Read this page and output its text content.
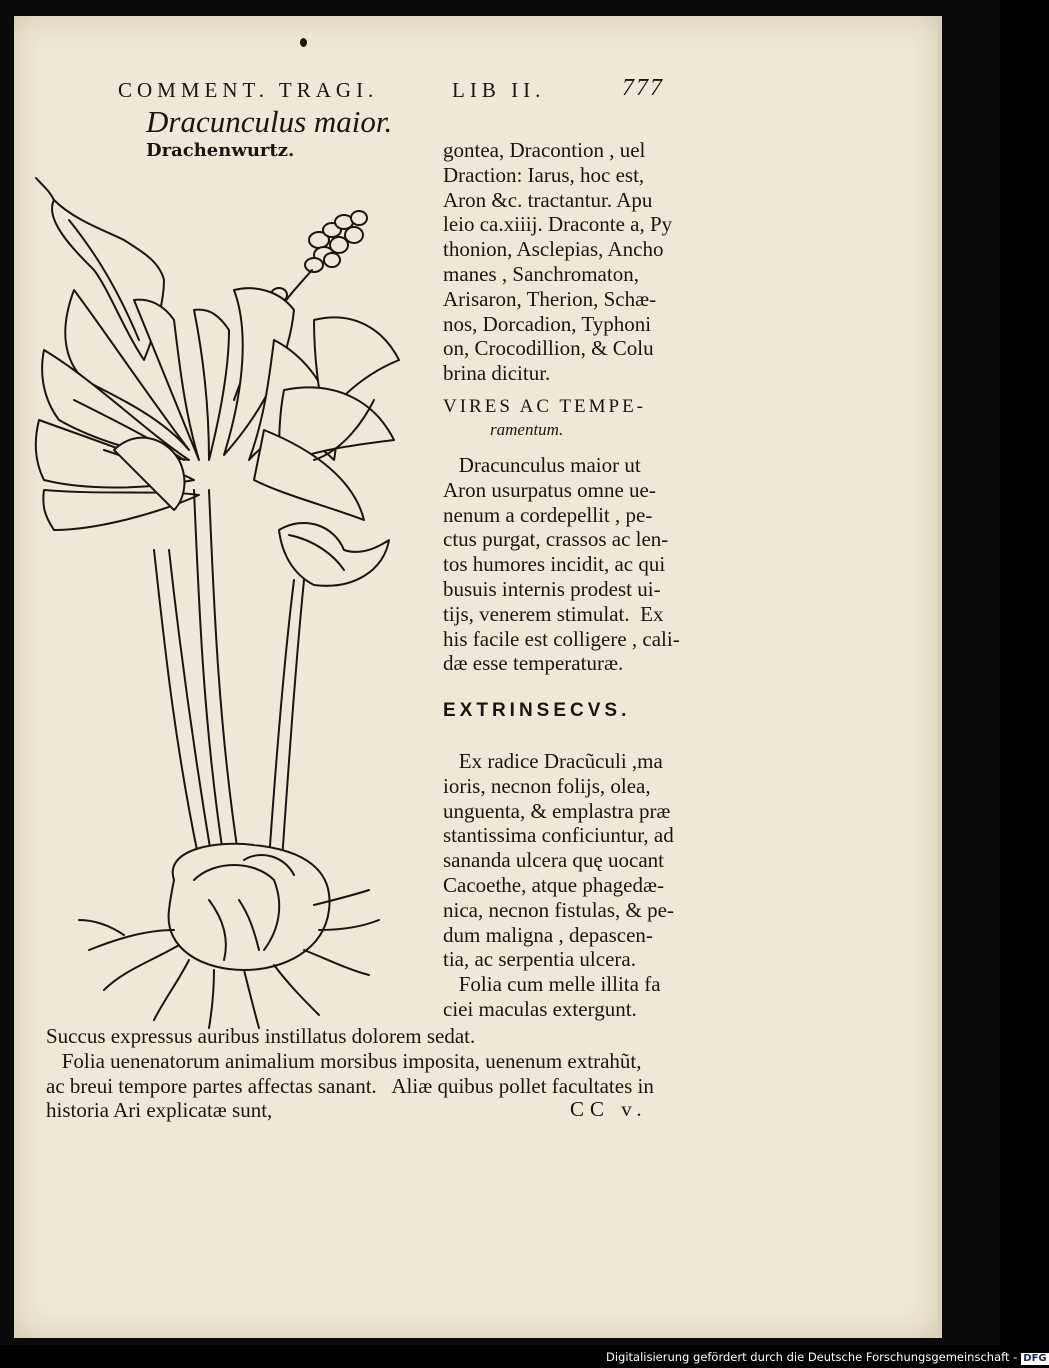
COMMENT. TRAGI.	LIB II.	777
Dracunculus maior.
Drachenwurtz.	gontea, Dracontion , uel
Draction: Iarus, hoc est,
Aron &c. tractantur. Apu
leio ca.xiiij. Draconte a, Py
thonion, Asclepias, Ancho
manes , Sanchromaton,
Arisaron, Therion, Schæ-
nos, Dorcadion, Typhoni
on, Crocodillion, & Colu
brina dicitur.
VIRES AC TEMPE-
ramentum.
Dracunculus maior ut
Aron usurpatus omne ue-
nenum a cordepellit , pe-
ctus purgat, crassos ac len-
tos humores incidit, ac qui
busuis internis prodest ui-
tijs, venerem stimulat.  Ex
his facile est colligere , cali-
dæ esse temperaturæ.
EXTRINSECVS.
Ex radice Dracũculi ,ma
ioris, necnon folijs, olea,
unguenta, & emplastra præ
stantissima conficiuntur, ad
sananda ulcera quę uocant
Cacoethe, atque phagedæ-
nica, necnon fistulas, & pe-
dum maligna , depascen-
tia, ac serpentia ulcera.
Folia cum melle illita fa
ciei maculas extergunt.
Succus expressus auribus instillatus dolorem sedat.
Folia uenenatorum animalium morsibus imposita, uenenum extrahũt,
ac breui tempore partes affectas sanant.   Aliæ quibus pollet facultates in
historia Ari explicatæ sunt,	CC v.
Digitalisierung gefördert durch die Deutsche Forschungsgemeinschaft - DFG
